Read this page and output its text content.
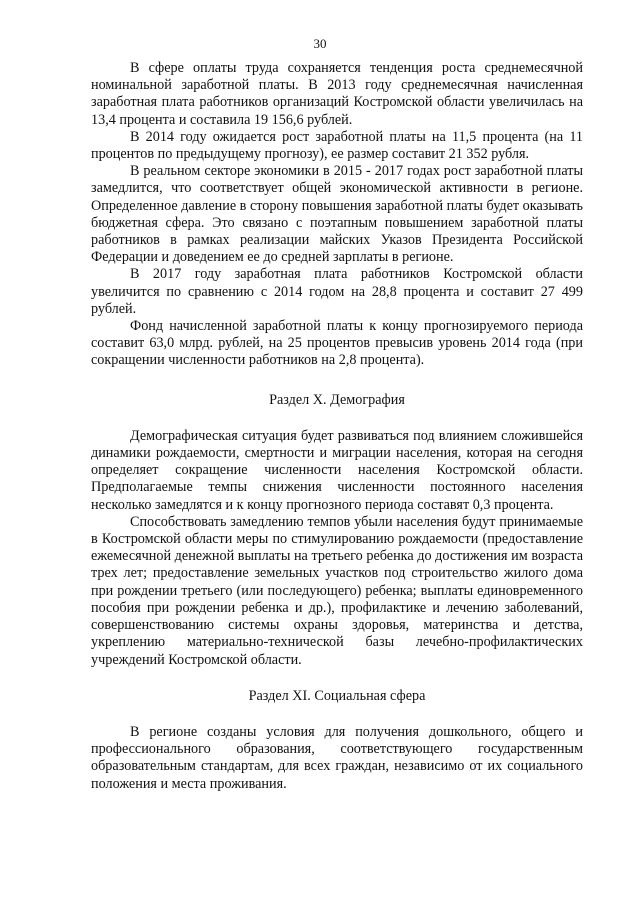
30

В сфере оплаты труда сохраняется тенденция роста среднемесячной номинальной заработной платы. В 2013 году среднемесячная начисленная заработная плата работников организаций Костромской области увеличилась на 13,4 процента и составила 19 156,6 рублей.

В 2014 году ожидается рост заработной платы на 11,5 процента (на 11 процентов по предыдущему прогнозу), ее размер составит 21 352 рубля.

В реальном секторе экономики в 2015 - 2017 годах рост заработной платы замедлится, что соответствует общей экономической активности в регионе. Определенное давление в сторону повышения заработной платы будет оказывать бюджетная сфера. Это связано с поэтапным повышением заработной платы работников в рамках реализации майских Указов Президента Российской Федерации и доведением ее до средней зарплаты в регионе.

В 2017 году заработная плата работников Костромской области увеличится по сравнению с 2014 годом на 28,8 процента и составит 27 499 рублей.

Фонд начисленной заработной платы к концу прогнозируемого периода составит 63,0 млрд. рублей, на 25 процентов превысив уровень 2014 года (при сокращении численности работников на 2,8 процента).

Раздел X. Демография

Демографическая ситуация будет развиваться под влиянием сложившейся динамики рождаемости, смертности и миграции населения, которая на сегодня определяет сокращение численности населения Костромской области. Предполагаемые темпы снижения численности постоянного населения несколько замедлятся и к концу прогнозного периода составят 0,3 процента.

Способствовать замедлению темпов убыли населения будут принимаемые в Костромской области меры по стимулированию рождаемости (предоставление ежемесячной денежной выплаты на третьего ребенка до достижения им возраста трех лет; предоставление земельных участков под строительство жилого дома при рождении третьего (или последующего) ребенка; выплаты единовременного пособия при рождении ребенка и др.), профилактике и лечению заболеваний, совершенствованию системы охраны здоровья, материнства и детства, укреплению материально-технической базы лечебно-профилактических учреждений Костромской области.

Раздел XI. Социальная сфера

В регионе созданы условия для получения дошкольного, общего и профессионального образования, соответствующего государственным образовательным стандартам, для всех граждан, независимо от их социального положения и места проживания.
